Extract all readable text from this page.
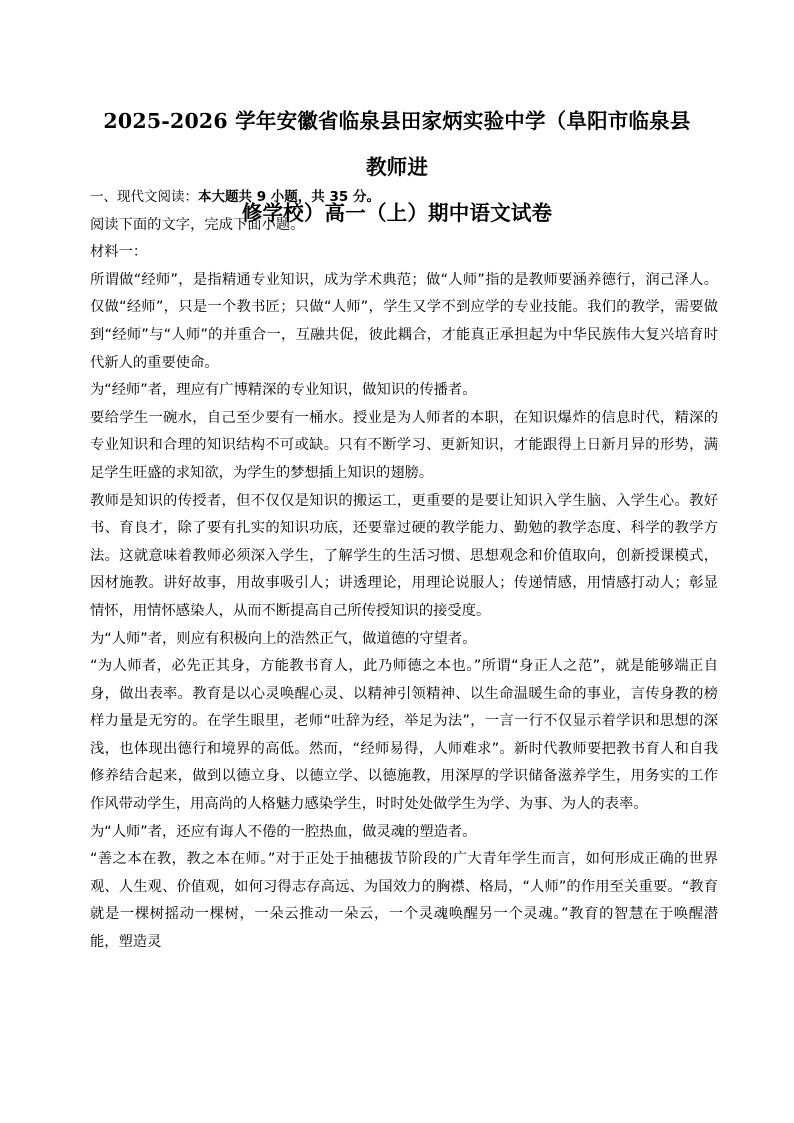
2025-2026 学年安徽省临泉县田家炳实验中学（阜阳市临泉县教师进
修学校）高一（上）期中语文试卷

一、现代文阅读：本大题共 9 小题，共 35 分。

阅读下面的文字，完成下面小题。

材料一：

所谓做“经师”，是指精通专业知识，成为学术典范；做“人师”指的是教师要涵养德行，润己泽人。仅做“经师”，只是一个教书匠；只做“人师”，学生又学不到应学的专业技能。我们的教学，需要做到“经师”与“人师”的并重合一，互融共促，彼此耦合，才能真正承担起为中华民族伟大复兴培育时代新人的重要使命。

为“经师”者，理应有广博精深的专业知识，做知识的传播者。

要给学生一碗水，自己至少要有一桶水。授业是为人师者的本职，在知识爆炸的信息时代，精深的专业知识和合理的知识结构不可或缺。只有不断学习、更新知识，才能跟得上日新月异的形势，满足学生旺盛的求知欲，为学生的梦想插上知识的翅膀。

教师是知识的传授者，但不仅仅是知识的搬运工，更重要的是要让知识入学生脑、入学生心。教好书、育良才，除了要有扎实的知识功底，还要靠过硬的教学能力、勤勉的教学态度、科学的教学方法。这就意味着教师必须深入学生，了解学生的生活习惯、思想观念和价值取向，创新授课模式，因材施教。讲好故事，用故事吸引人；讲透理论，用理论说服人；传递情感，用情感打动人；彰显情怀，用情怀感染人，从而不断提高自己所传授知识的接受度。

为“人师”者，则应有积极向上的浩然正气，做道德的守望者。

“为人师者，必先正其身，方能教书育人，此乃师德之本也。”所谓“身正人之范”，就是能够端正自身，做出表率。教育是以心灵唤醒心灵、以精神引领精神、以生命温暖生命的事业，言传身教的榜样力量是无穷的。在学生眼里，老师“吐辞为经，举足为法”，一言一行不仅显示着学识和思想的深浅，也体现出德行和境界的高低。然而，“经师易得，人师难求”。新时代教师要把教书育人和自我修养结合起来，做到以德立身、以德立学、以德施教，用深厚的学识储备滋养学生，用务实的工作作风带动学生，用高尚的人格魅力感染学生，时时处处做学生为学、为事、为人的表率。

为“人师”者，还应有诲人不倦的一腔热血，做灵魂的塑造者。

“善之本在教，教之本在师。”对于正处于抽穗拔节阶段的广大青年学生而言，如何形成正确的世界观、人生观、价值观，如何习得志存高远、为国效力的胸襟、格局，“人师”的作用至关重要。“教育就是一棵树摇动一棵树，一朵云推动一朵云，一个灵魂唤醒另一个灵魂。”教育的智慧在于唤醒潜能，塑造灵
